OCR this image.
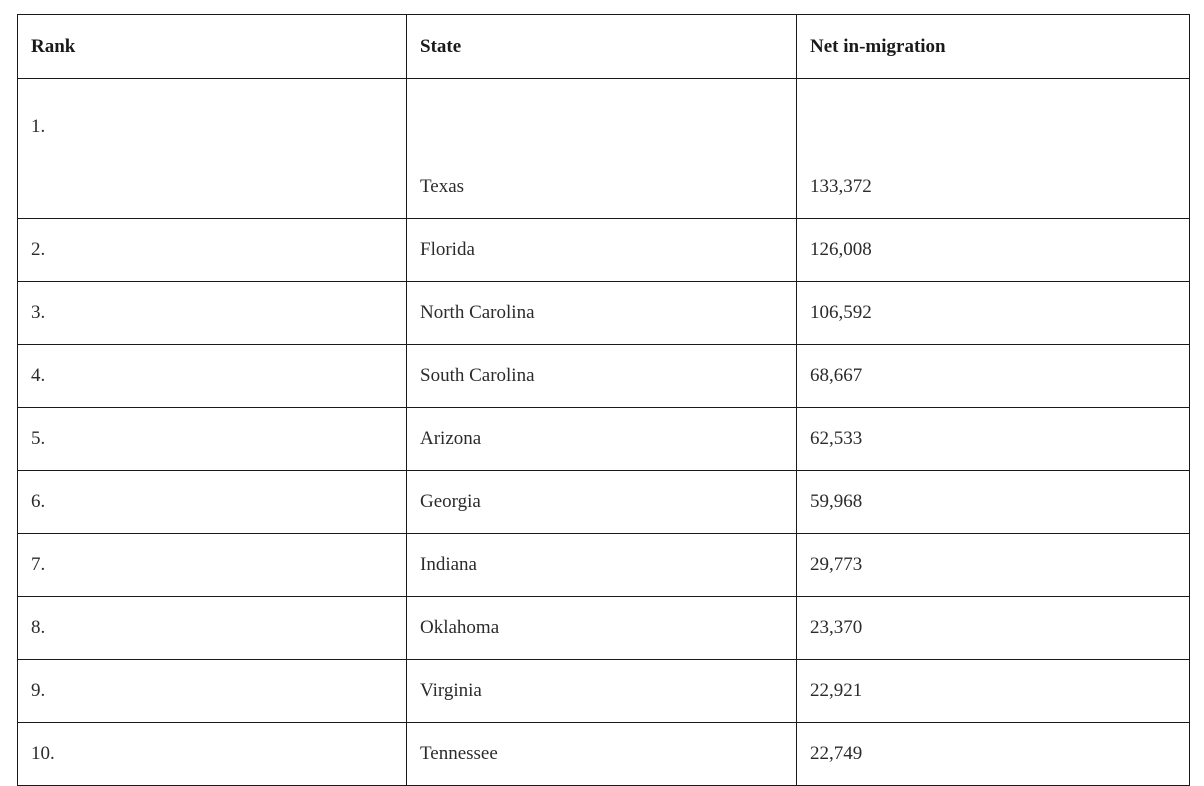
Rank	State	Net in-migration
1.	Texas	133,372
2.	Florida	126,008
3.	North Carolina	106,592
4.	South Carolina	68,667
5.	Arizona	62,533
6.	Georgia	59,968
7.	Indiana	29,773
8.	Oklahoma	23,370
9.	Virginia	22,921
10.	Tennessee	22,749
